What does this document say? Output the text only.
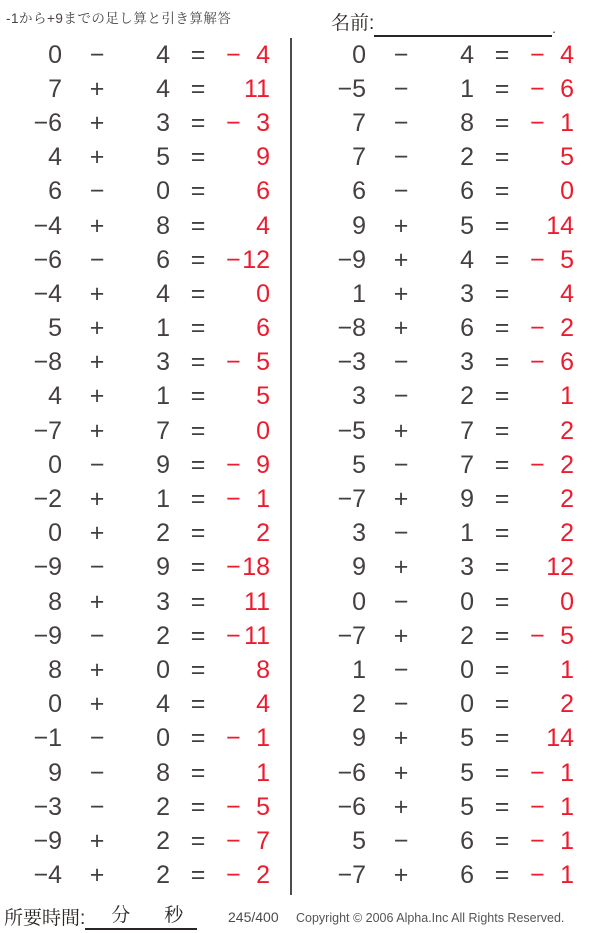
-1から+9までの足し算と引き算解答	名前:	.
0	−	4 = − 4
7	+	4 =	11
−6	+	3 = − 3
4	+	5 =	9
6	−	0 =	6
−4	+	8 =	4
−6	−	6 = − 12
−4	+	4 =	0
5	+	1 =	6
−8	+	3 = − 5
4	+	1 =	5
−7	+	7 =	0
0	−	9 = − 9
−2	+	1 = − 1
0	+	2 =	2
−9	−	9 = − 18
8	+	3 =	11
−9	−	2 = − 11
8	+	0 =	8
0	+	4 =	4
−1	−	0 = − 1
9	−	8 =	1
−3	−	2 = − 5
−9	+	2 = − 7
−4	+	2 = − 2
0	−	4 = − 4
−5	−	1 = − 6
7	−	8 = − 1
7	−	2 =	5
6	−	6 =	0
9	+	5 =	14
−9	+	4 = − 5
1	+	3 =	4
−8	+	6 = − 2
−3	−	3 = − 6
3	−	2 =	1
−5	+	7 =	2
5	−	7 = − 2
−7	+	9 =	2
3	−	1 =	2
9	+	3 =	12
0	−	0 =	0
−7	+	2 = − 5
1	−	0 =	1
2	−	0 =	2
9	+	5 =	14
−6	+	5 = − 1
−6	+	5 = − 1
5	−	6 = − 1
−7	+	6 = − 1
所要時間: 分 秒	245/400 Copyright © 2006 Alpha.Inc All Rights Reserved.
